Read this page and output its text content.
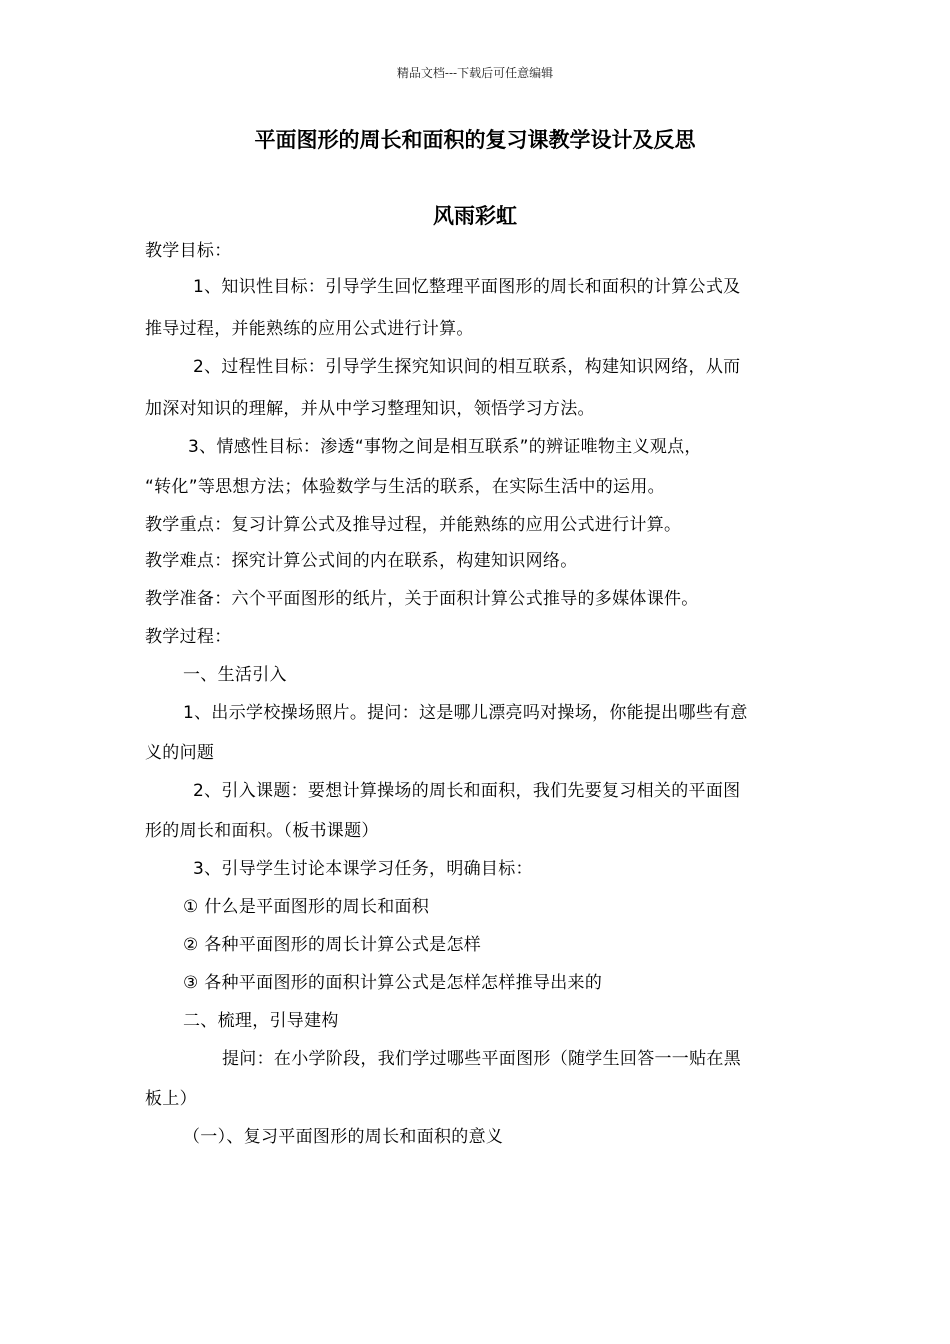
精品文档---下载后可任意编辑
平面图形的周长和面积的复习课教学设计及反思
风雨彩虹
教学目标：
1、知识性目标：引导学生回忆整理平面图形的周长和面积的计算公式及
推导过程，并能熟练的应用公式进行计算。
2、过程性目标：引导学生探究知识间的相互联系，构建知识网络，从而
加深对知识的理解，并从中学习整理知识，领悟学习方法。
3、情感性目标：渗透“事物之间是相互联系”的辨证唯物主义观点，
“转化”等思想方法；体验数学与生活的联系，在实际生活中的运用。
教学重点：复习计算公式及推导过程，并能熟练的应用公式进行计算。
教学难点：探究计算公式间的内在联系，构建知识网络。
教学准备：六个平面图形的纸片，关于面积计算公式推导的多媒体课件。
教学过程：
一、生活引入
1、出示学校操场照片。提问：这是哪儿漂亮吗对操场，你能提出哪些有意
义的问题
2、引入课题：要想计算操场的周长和面积，我们先要复习相关的平面图
形的周长和面积。（板书课题）
3、引导学生讨论本课学习任务，明确目标：
① 什么是平面图形的周长和面积
② 各种平面图形的周长计算公式是怎样
③ 各种平面图形的面积计算公式是怎样怎样推导出来的
二、梳理，引导建构
提问：在小学阶段，我们学过哪些平面图形（随学生回答一一贴在黑
板上）
（一）、复习平面图形的周长和面积的意义
